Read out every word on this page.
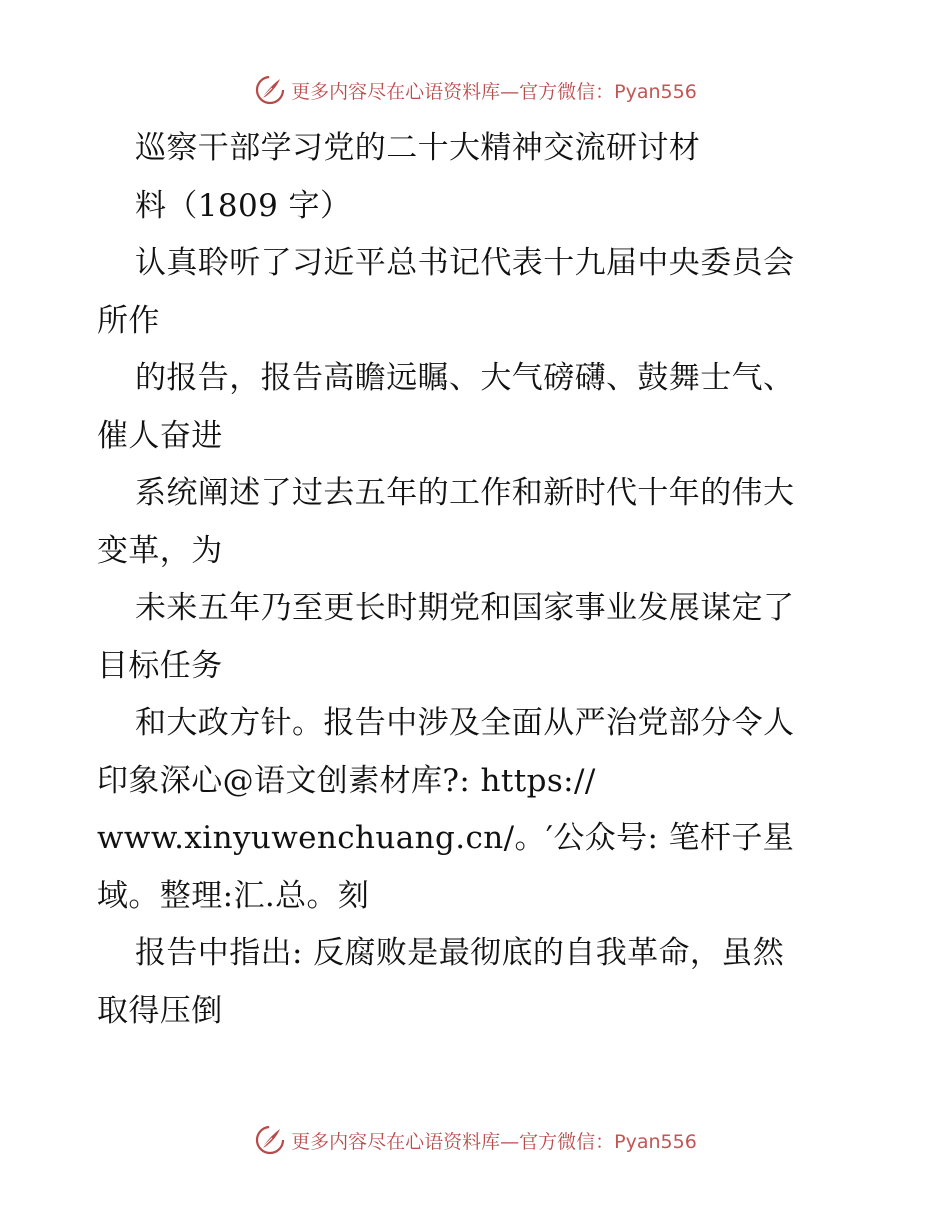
更多内容尽在心语资料库—官方微信：Pyan556
巡察干部学习党的二十大精神交流研讨材
料（1809 字）
认真聆听了习近平总书记代表十九届中央委员会
所作
的报告，报告高瞻远瞩、大气磅礴、鼓舞士气、
催人奋进
系统阐述了过去五年的工作和新时代十年的伟大
变革，为
未来五年乃至更长时期党和国家事业发展谋定了
目标任务
和大政方针。报告中涉及全面从严治党部分令人
印象深心@语文创素材库?: https://
www.xinyuwenchuang.cn/。′公众号: 笔杆子星
域。整理:汇.总。刻
报告中指出: 反腐败是最彻底的自我革命，虽然
取得压倒
更多内容尽在心语资料库—官方微信：Pyan556
